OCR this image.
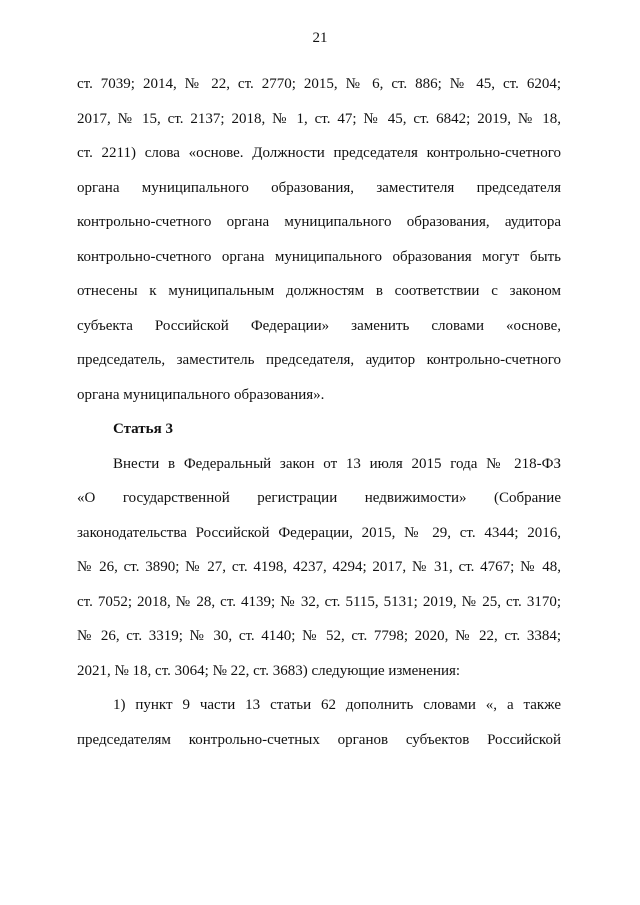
21
ст. 7039; 2014, № 22, ст. 2770; 2015, № 6, ст. 886; № 45, ст. 6204;
2017, № 15, ст. 2137; 2018, № 1, ст. 47; № 45, ст. 6842; 2019, № 18,
ст. 2211) слова «основе. Должности председателя контрольно-счетного
органа муниципального образования, заместителя председателя
контрольно-счетного органа муниципального образования, аудитора
контрольно-счетного органа муниципального образования могут быть
отнесены к муниципальным должностям в соответствии с законом
субъекта Российской Федерации» заменить словами «основе,
председатель, заместитель председателя, аудитор контрольно-счетного
органа муниципального образования».
Статья 3
Внести в Федеральный закон от 13 июля 2015 года № 218-ФЗ
«О государственной регистрации недвижимости» (Собрание
законодательства Российской Федерации, 2015, № 29, ст. 4344; 2016,
№ 26, ст. 3890; № 27, ст. 4198, 4237, 4294; 2017, № 31, ст. 4767; № 48,
ст. 7052; 2018, № 28, ст. 4139; № 32, ст. 5115, 5131; 2019, № 25, ст. 3170;
№ 26, ст. 3319; № 30, ст. 4140; № 52, ст. 7798; 2020, № 22, ст. 3384;
2021, № 18, ст. 3064; № 22, ст. 3683) следующие изменения:
1) пункт 9 части 13 статьи 62 дополнить словами «, а также
председателям контрольно-счетных органов субъектов Российской
